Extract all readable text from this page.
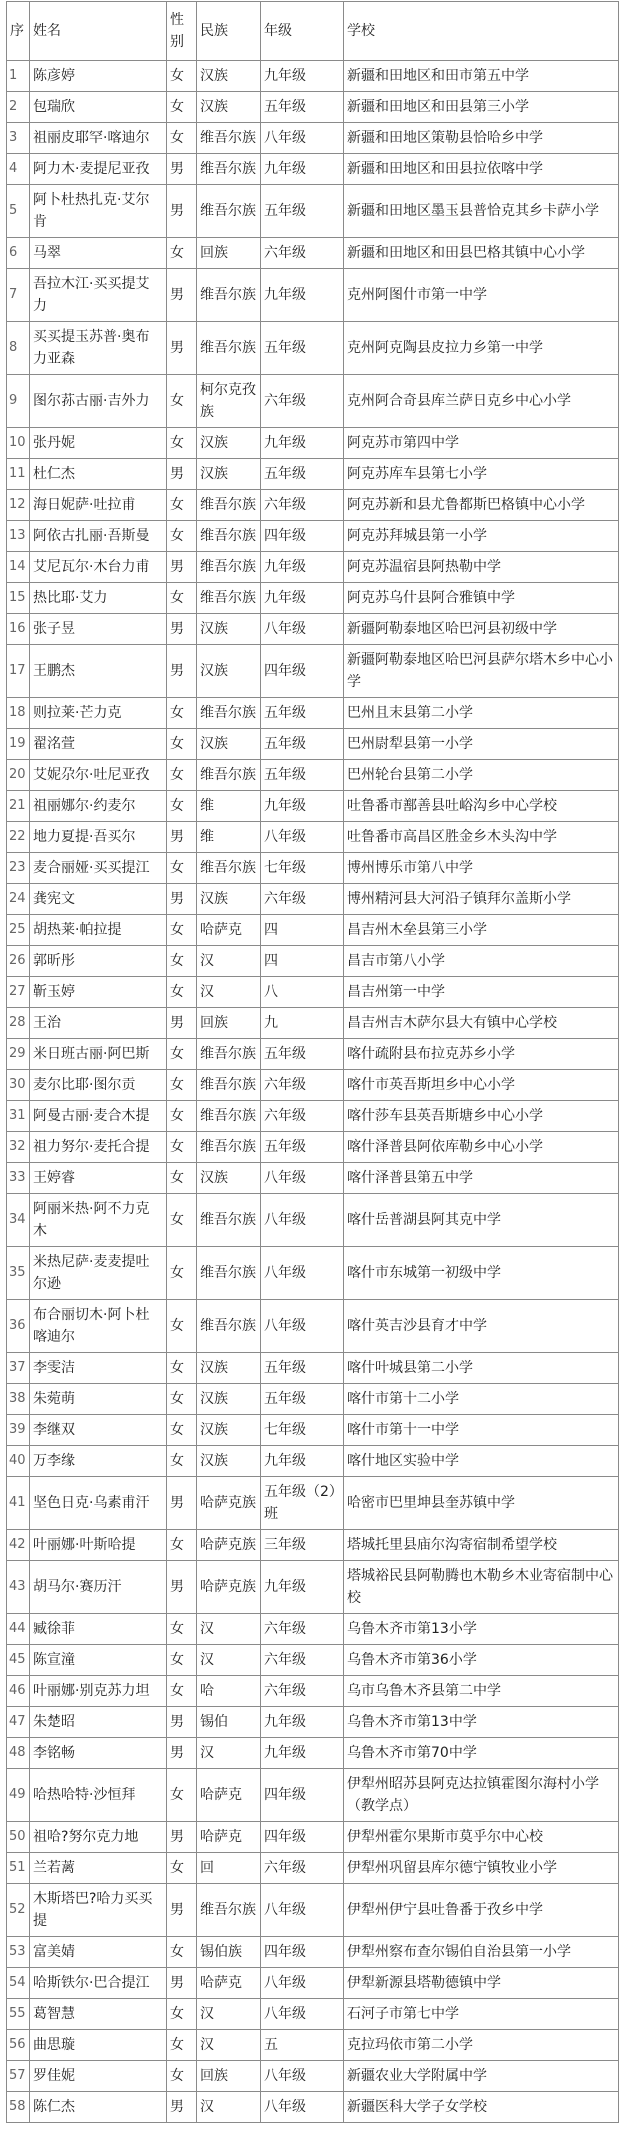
序	姓名	性别	民族	年级	学校
1	陈彦婷	女	汉族	九年级	新疆和田地区和田市第五中学
2	包瑞欣	女	汉族	五年级	新疆和田地区和田县第三小学
3	祖丽皮耶罕·喀迪尔	女	维吾尔族	八年级	新疆和田地区策勒县恰哈乡中学
4	阿力木·麦提尼亚孜	男	维吾尔族	九年级	新疆和田地区和田县拉依喀中学
5	阿卜杜热扎克·艾尔肯	男	维吾尔族	五年级	新疆和田地区墨玉县普恰克其乡卡萨小学
6	马翠	女	回族	六年级	新疆和田地区和田县巴格其镇中心小学
7	吾拉木江·买买提艾力	男	维吾尔族	九年级	克州阿图什市第一中学
8	买买提玉苏普·奥布力亚森	男	维吾尔族	五年级	克州阿克陶县皮拉力乡第一中学
9	图尔荪古丽·吉外力	女	柯尔克孜族	六年级	克州阿合奇县库兰萨日克乡中心小学
10	张丹妮	女	汉族	九年级	阿克苏市第四中学
11	杜仁杰	男	汉族	五年级	阿克苏库车县第七小学
12	海日妮萨·吐拉甫	女	维吾尔族	六年级	阿克苏新和县尤鲁都斯巴格镇中心小学
13	阿依古扎丽·吾斯曼	女	维吾尔族	四年级	阿克苏拜城县第一小学
14	艾尼瓦尔·木台力甫	男	维吾尔族	九年级	阿克苏温宿县阿热勒中学
15	热比耶·艾力	女	维吾尔族	九年级	阿克苏乌什县阿合雅镇中学
16	张子昱	男	汉族	八年级	新疆阿勒泰地区哈巴河县初级中学
17	王鹏杰	男	汉族	四年级	新疆阿勒泰地区哈巴河县萨尔塔木乡中心小学
18	则拉莱·芒力克	女	维吾尔族	五年级	巴州且末县第二小学
19	翟洺萱	女	汉族	五年级	巴州尉犁县第一小学
20	艾妮尕尔·吐尼亚孜	女	维吾尔族	五年级	巴州轮台县第二小学
21	祖丽娜尔·约麦尔	女	维	九年级	吐鲁番市鄯善县吐峪沟乡中心学校
22	地力夏提·吾买尔	男	维	八年级	吐鲁番市高昌区胜金乡木头沟中学
23	麦合丽娅·买买提江	女	维吾尔族	七年级	博州博乐市第八中学
24	龚宪文	男	汉族	六年级	博州精河县大河沿子镇拜尔盖斯小学
25	胡热莱·帕拉提	女	哈萨克	四	昌吉州木垒县第三小学
26	郭昕彤	女	汉	四	昌吉市第八小学
27	靳玉婷	女	汉	八	昌吉州第一中学
28	王治	男	回族	九	昌吉州吉木萨尔县大有镇中心学校
29	米日班古丽·阿巴斯	女	维吾尔族	五年级	喀什疏附县布拉克苏乡小学
30	麦尔比耶·图尔贡	女	维吾尔族	六年级	喀什市英吾斯坦乡中心小学
31	阿曼古丽·麦合木提	女	维吾尔族	六年级	喀什莎车县英吾斯塘乡中心小学
32	祖力努尔·麦托合提	女	维吾尔族	五年级	喀什泽普县阿依库勒乡中心小学
33	王婷睿	女	汉族	八年级	喀什泽普县第五中学
34	阿丽米热·阿不力克木	女	维吾尔族	八年级	喀什岳普湖县阿其克中学
35	米热尼萨·麦麦提吐尔逊	女	维吾尔族	八年级	喀什市东城第一初级中学
36	布合丽切木·阿卜杜喀迪尔	女	维吾尔族	八年级	喀什英吉沙县育才中学
37	李雯洁	女	汉族	五年级	喀什叶城县第二小学
38	朱菀萌	女	汉族	五年级	喀什市第十二小学
39	李继双	女	汉族	七年级	喀什市第十一中学
40	万李缘	女	汉族	九年级	喀什地区实验中学
41	坚色日克·乌素甫汗	男	哈萨克族	五年级（2）班	哈密市巴里坤县奎苏镇中学
42	叶丽娜·叶斯哈提	女	哈萨克族	三年级	塔城托里县庙尔沟寄宿制希望学校
43	胡马尔·赛历汗	男	哈萨克族	九年级	塔城裕民县阿勒腾也木勒乡木业寄宿制中心校
44	臧徐菲	女	汉	六年级	乌鲁木齐市第13小学
45	陈宣潼	女	汉	六年级	乌鲁木齐市第36小学
46	叶丽娜·别克苏力坦	女	哈	六年级	乌市乌鲁木齐县第二中学
47	朱楚昭	男	锡伯	九年级	乌鲁木齐市第13中学
48	李铭畅	男	汉	九年级	乌鲁木齐市第70中学
49	哈热哈特·沙恒拜	女	哈萨克	四年级	伊犁州昭苏县阿克达拉镇霍图尔海村小学（教学点）
50	祖哈?努尔克力地	男	哈萨克	四年级	伊犁州霍尔果斯市莫乎尔中心校
51	兰若蓠	女	回	六年级	伊犁州巩留县库尔德宁镇牧业小学
52	木斯塔巴?哈力买买提	男	维吾尔族	八年级	伊犁州伊宁县吐鲁番于孜乡中学
53	富美婧	女	锡伯族	四年级	伊犁州察布查尔锡伯自治县第一小学
54	哈斯铁尔·巴合提江	男	哈萨克	八年级	伊犁新源县塔勒德镇中学
55	葛智慧	女	汉	八年级	石河子市第七中学
56	曲思璇	女	汉	五	克拉玛依市第二小学
57	罗佳妮	女	回族	八年级	新疆农业大学附属中学
58	陈仁杰	男	汉	八年级	新疆医科大学子女学校
